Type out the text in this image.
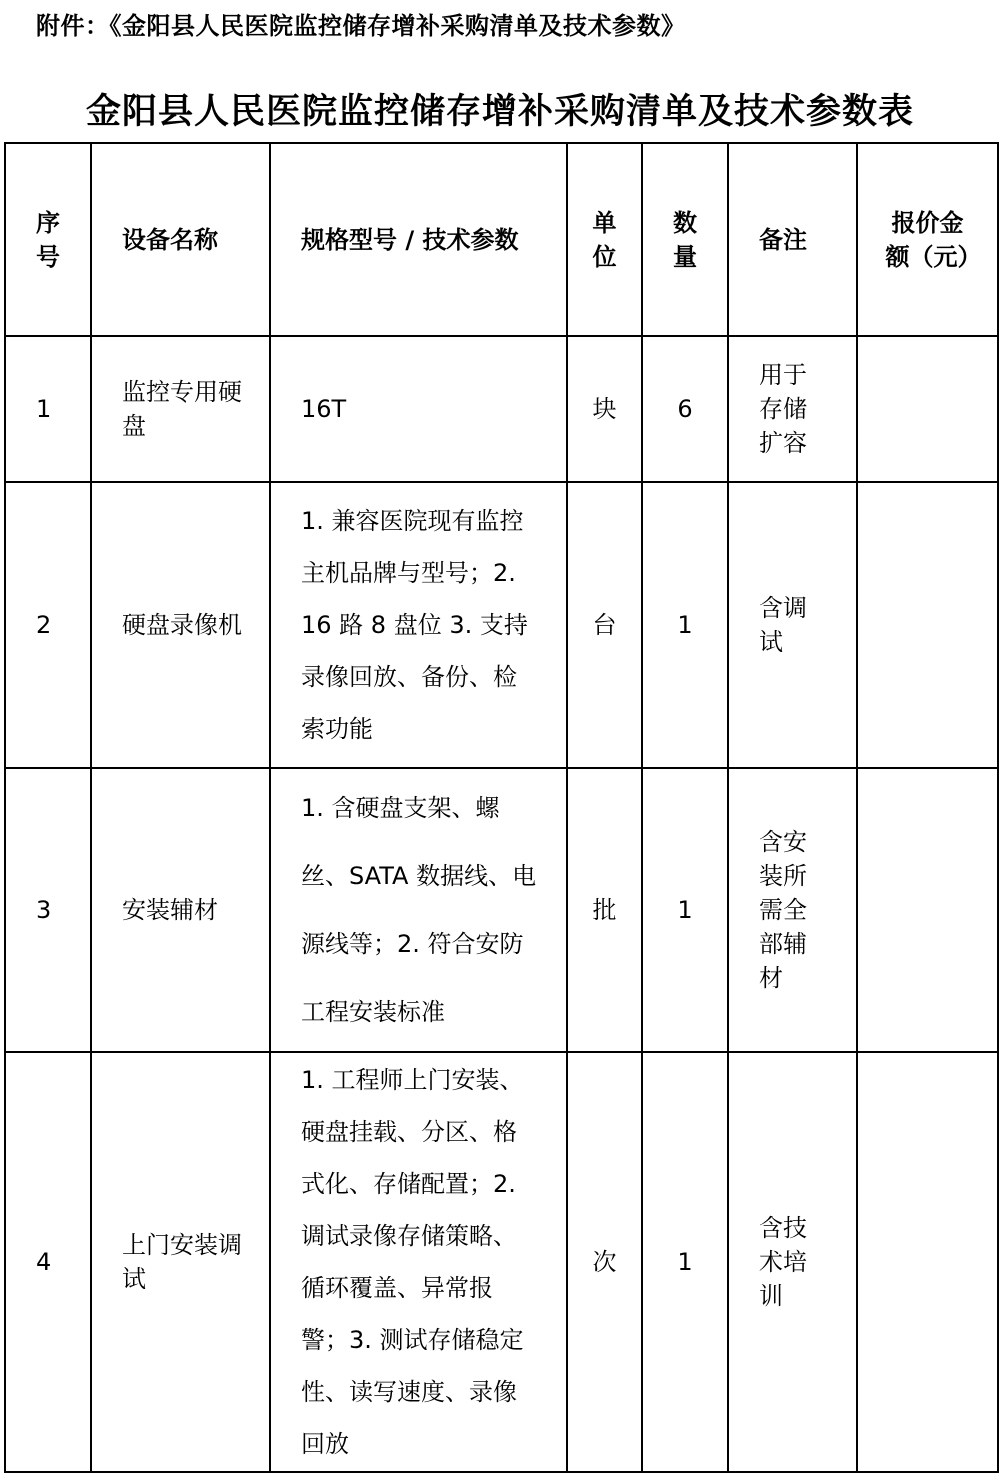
附件：《金阳县人民医院监控储存增补采购清单及技术参数》
金阳县人民医院监控储存增补采购清单及技术参数表
序号	设备名称	规格型号 / 技术参数	单位	数量	备注	报价金额（元）

1	监控专用硬盘	16T	块	6	用于存储扩容	

2	硬盘录像机	1. 兼容医院现有监控主机品牌与型号；2. 16 路 8 盘位 3. 支持录像回放、备份、检索功能	台	1	含调试	

3	安装辅材	1. 含硬盘支架、螺丝、SATA 数据线、电源线等；2. 符合安防工程安装标准	批	1	含安装所需全部辅材	

4	上门安装调试	1. 工程师上门安装、硬盘挂载、分区、格式化、存储配置；2. 调试录像存储策略、循环覆盖、异常报警；3. 测试存储稳定性、读写速度、录像回放	次	1	含技术培训	
